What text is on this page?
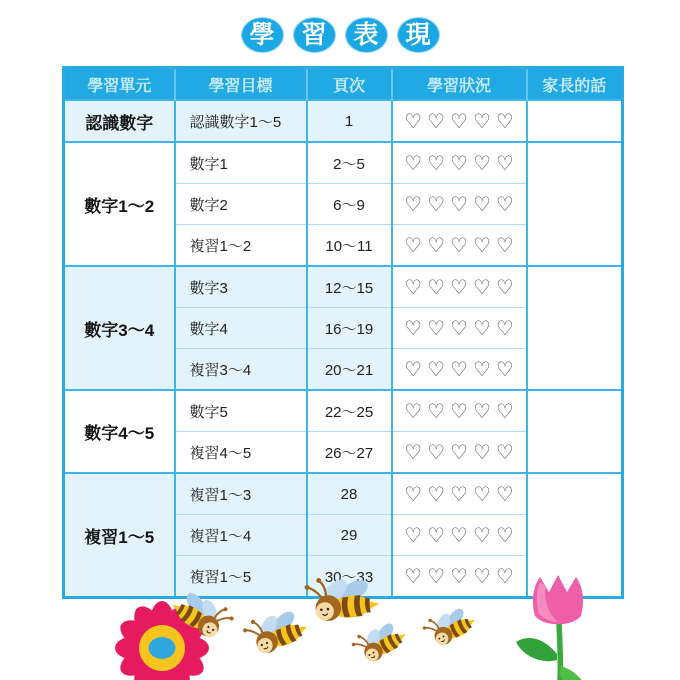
學 習 表 現
學習單元	學習目標	頁次	學習狀況	家長的話
認識數字	認識數字1～5	1	♡♡♡♡♡	
數字1～2	數字1	2～5	♡♡♡♡♡	
	數字2	6～9	♡♡♡♡♡	
	複習1～2	10～11	♡♡♡♡♡	
數字3～4	數字3	12～15	♡♡♡♡♡	
	數字4	16～19	♡♡♡♡♡	
	複習3～4	20～21	♡♡♡♡♡	
數字4～5	數字5	22～25	♡♡♡♡♡	
	複習4～5	26～27	♡♡♡♡♡	
複習1～5	複習1～3	28	♡♡♡♡♡	
	複習1～4	29	♡♡♡♡♡	
	複習1～5	30～33	♡♡♡♡♡	
